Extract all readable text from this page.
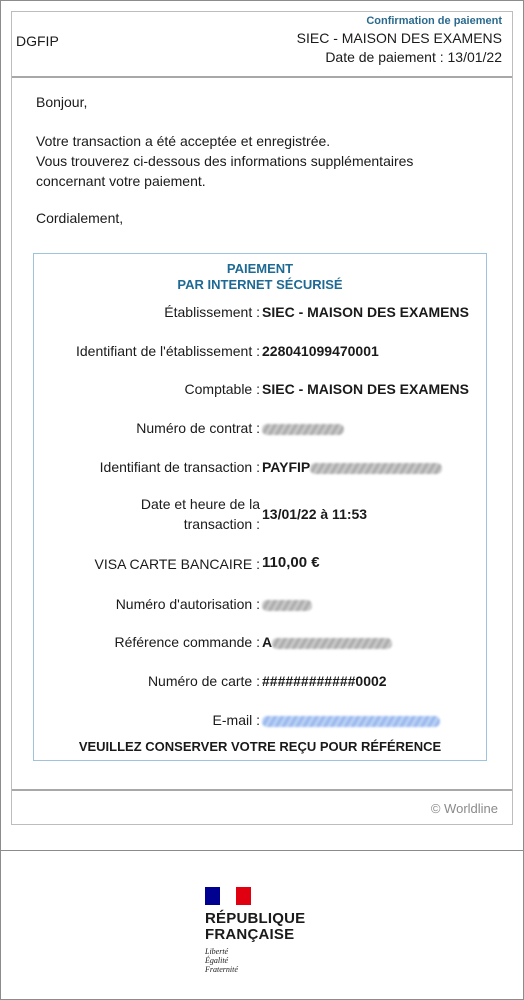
DGFIP
Confirmation de paiement
SIEC - MAISON DES EXAMENS
Date de paiement : 13/01/22
Bonjour,
Votre transaction a été acceptée et enregistrée.
Vous trouverez ci-dessous des informations supplémentaires concernant votre paiement.
Cordialement,
PAIEMENT
PAR INTERNET SÉCURISÉ
Établissement : SIEC - MAISON DES EXAMENS
Identifiant de l'établissement : 228041099470001
Comptable : SIEC - MAISON DES EXAMENS
Numéro de contrat :
Identifiant de transaction : PAYFIP
Date et heure de la
transaction :
13/01/22 à 11:53
VISA CARTE BANCAIRE : 110,00 €
Numéro d'autorisation :
Référence commande : A
Numéro de carte : ############0002
E-mail :
VEUILLEZ CONSERVER VOTRE REÇU POUR RÉFÉRENCE
© Worldline
RÉPUBLIQUE
FRANÇAISE
Liberté
Égalité
Fraternité
